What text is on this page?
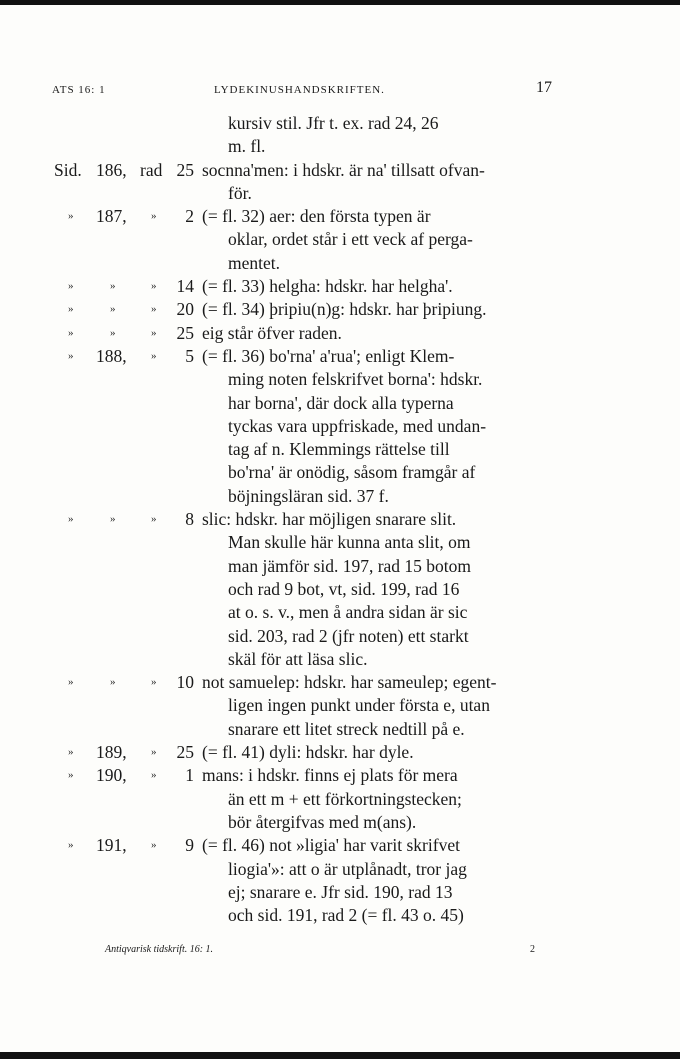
ATS 16: 1	LYDEKINUSHANDSKRIFTEN.	17
kursiv stil. Jfr t. ex. rad 24, 26
m. fl.
Sid. 186, rad 25 socnna'men: i hdskr. är na' tillsatt ofvan-
för.
» 187, »	2 (= fl. 32) aer: den första typen är
oklar, ordet står i ett veck af perga-
mentet.
»	»	» 14 (= fl. 33) helgha: hdskr. har helgha'.
»	»	» 20 (= fl. 34) þripiu(n)g: hdskr. har þripiung.
»	»	» 25 eig står öfver raden.
» 188, »	5 (= fl. 36) bo'rna' a'rua'; enligt Klem-
ming noten felskrifvet borna': hdskr.
har borna', där dock alla typerna
tyckas vara uppfriskade, med undan-
tag af n. Klemmings rättelse till
bo'rna' är onödig, såsom framgår af
böjningsläran sid. 37 f.
»	»	»	8 slic: hdskr. har möjligen snarare slit.
Man skulle här kunna anta slit, om
man jämför sid. 197, rad 15 botom
och rad 9 bot, vt, sid. 199, rad 16
at o. s. v., men å andra sidan är sic
sid. 203, rad 2 (jfr noten) ett starkt
skäl för att läsa slic.
»	»	» 10 not samuelep: hdskr. har sameulep; egent-
ligen ingen punkt under första e, utan
snarare ett litet streck nedtill på e.
» 189, » 25 (= fl. 41) dyli: hdskr. har dyle.
» 190, »	1 mans: i hdskr. finns ej plats för mera
än ett m + ett förkortningstecken;
bör återgifvas med m(ans).
» 191, »	9 (= fl. 46) not »ligia' har varit skrifvet
liogia'»: att o är utplånadt, tror jag
ej; snarare e. Jfr sid. 190, rad 13
och sid. 191, rad 2 (= fl. 43 o. 45)
Antiqvarisk tidskrift. 16: 1.	2
